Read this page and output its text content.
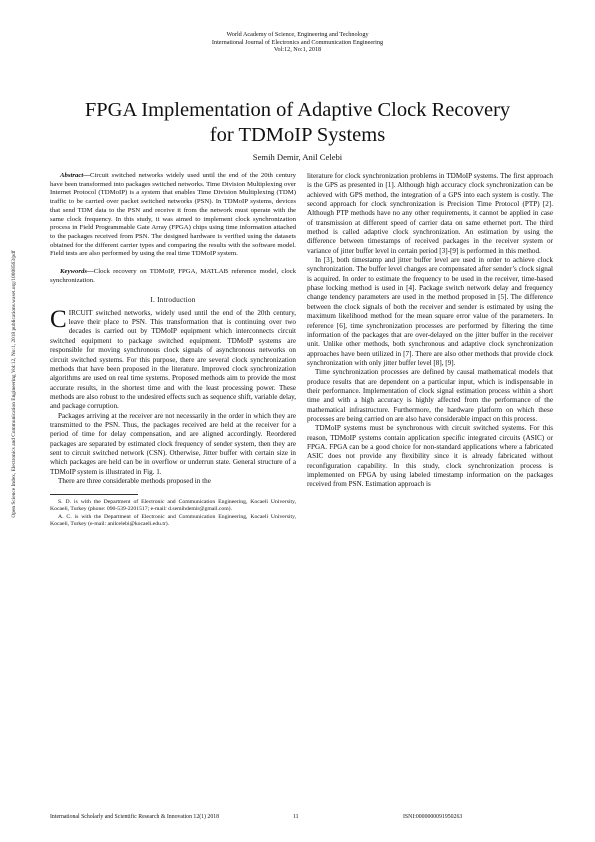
World Academy of Science, Engineering and Technology
International Journal of Electronics and Communication Engineering
Vol:12, No:1, 2018
Open Science Index, Electronics and Communication Engineering Vol:12, No:1, 2018 publications.waset.org/10008563/pdf
FPGA Implementation of Adaptive Clock Recovery
for TDMoIP Systems
Semih Demir, Anil Celebi

Abstract—Circuit switched networks widely used until the end of the 20th century have been transformed into packages switched networks. Time Division Multiplexing over Internet Protocol (TDMoIP) is a system that enables Time Division Multiplexing (TDM) traffic to be carried over packet switched networks (PSN). In TDMoIP systems, devices that send TDM data to the PSN and receive it from the network must operate with the same clock frequency. In this study, it was aimed to implement clock synchronization process in Field Programmable Gate Array (FPGA) chips using time information attached to the packages received from PSN. The designed hardware is verified using the datasets obtained for the different carrier types and comparing the results with the software model. Field tests are also performed by using the real time TDMoIP system.

Keywords—Clock recovery on TDMoIP, FPGA, MATLAB reference model, clock synchronization.

I. Introduction

CIRCUIT switched networks, widely used until the end of the 20th century, leave their place to PSN. This transformation that is continuing over two decades is carried out by TDMoIP equipment which interconnects circuit switched equipment to package switched equipment. TDMoIP systems are responsible for moving synchronous clock signals of asynchronous networks on circuit switched systems. For this purpose, there are several clock synchronization methods that have been proposed in the literature. Improved clock synchronization algorithms are used on real time systems. Proposed methods aim to provide the most accurate results, in the shortest time and with the least processing power. These methods are also robust to the undesired effects such as sequence shift, variable delay, and package corruption.

Packages arriving at the receiver are not necessarily in the order in which they are transmitted to the PSN. Thus, the packages received are held at the receiver for a period of time for delay compensation, and are aligned accordingly. Reordered packages are separated by estimated clock frequency of sender system, then they are sent to circuit switched network (CSN). Otherwise, Jitter buffer with certain size in which packages are held can be in overflow or underrun state. General structure of a TDMoIP system is illustrated in Fig. 1.

There are three considerable methods proposed in the

S. D. is with the Department of Electronic and Communication Engineering, Kocaeli University, Kocaeli, Turkey (phone: 090-539-2201517; e-mail: d.semihdemir@gmail.com).

A. C. is with the Department of Electronic and Communication Engineering, Kocaeli University, Kocaeli, Turkey (e-mail: anilcelebi@kocaeli.edu.tr).

literature for clock synchronization problems in TDMoIP systems. The first approach is the GPS as presented in [1]. Although high accuracy clock synchronization can be achieved with GPS method, the integration of a GPS into each system is costly. The second approach for clock synchronization is Precision Time Protocol (PTP) [2]. Although PTP methods have no any other requirements, it cannot be applied in case of transmission at different speed of carrier data on same ethernet port. The third method is called adaptive clock synchronization. An estimation by using the difference between timestamps of received packages in the receiver system or variance of jitter buffer level in certain period [3]-[9] is performed in this method.

In [3], both timestamp and jitter buffer level are used in order to achieve clock synchronization. The buffer level changes are compensated after sender’s clock signal is acquired. In order to estimate the frequency to be used in the receiver, time-based phase locking method is used in [4]. Package switch network delay and frequency change tendency parameters are used in the method proposed in [5]. The difference between the clock signals of both the receiver and sender is estimated by using the maximum likelihood method for the mean square error value of the parameters. In reference [6], time synchronization processes are performed by filtering the time information of the packages that are over-delayed on the jitter buffer in the receiver unit. Unlike other methods, both synchronous and adaptive clock synchronization approaches have been utilized in [7]. There are also other methods that provide clock synchronization with only jitter buffer level [8], [9].

Time synchronization processes are defined by causal mathematical models that produce results that are dependent on a particular input, which is indispensable in their performance. Implementation of clock signal estimation process within a short time and with a high accuracy is highly affected from the performance of the mathematical infrastructure. Furthermore, the hardware platform on which these processes are being carried on are also have considerable impact on this process.

TDMoIP systems must be synchronous with circuit switched systems. For this reason, TDMoIP systems contain application specific integrated circuits (ASIC) or FPGA. FPGA can be a good choice for non-standard applications where a fabricated ASIC does not provide any flexibility since it is already fabricated without reconfiguration capability. In this study, clock synchronization process is implemented on FPGA by using labeled timestamp information on the packages received from PSN. Estimation approach is

International Scholarly and Scientific Research & Innovation 12(1) 2018	11	ISNI:0000000091950263
